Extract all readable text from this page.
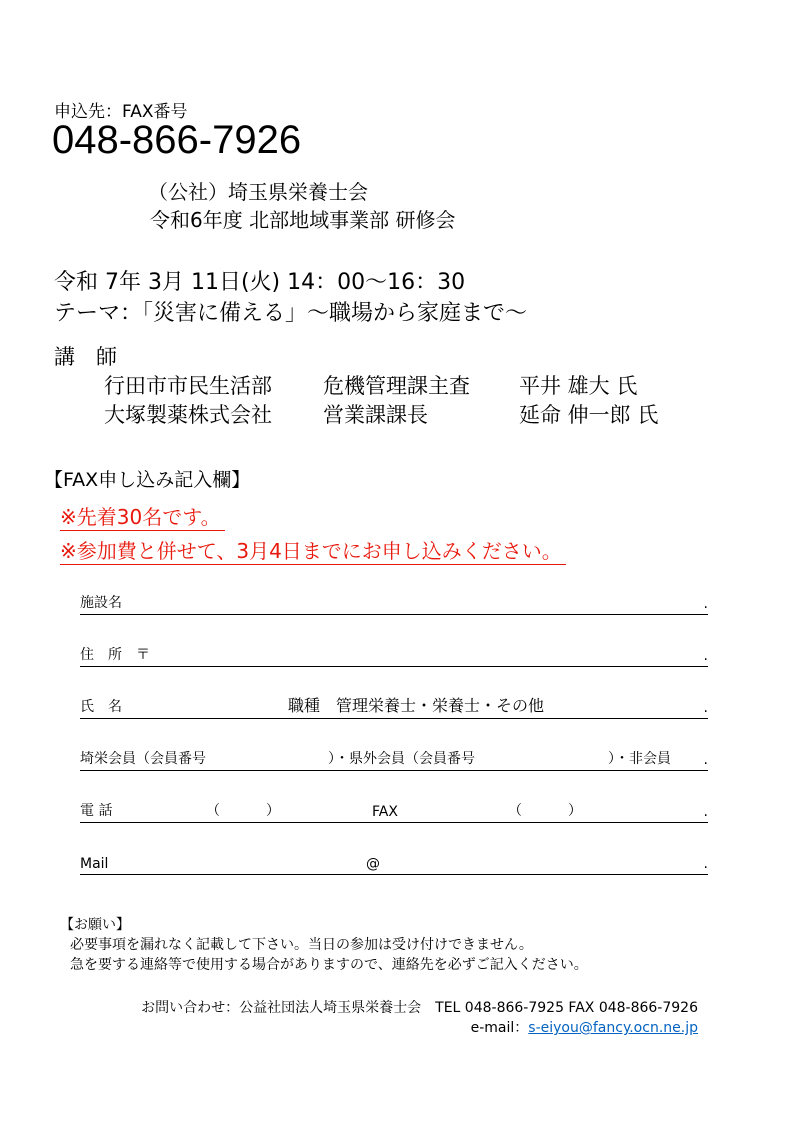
申込先：FAX番号
048-866-7926
（公社）埼玉県栄養士会
令和6年度 北部地域事業部 研修会
令和 7年 3月 11日(火) 14：00～16：30
テーマ：「災害に備える」～職場から家庭まで～
講　師
行田市市民生活部 危機管理課主査 平井 雄大 氏
大塚製薬株式会社 営業課課長	延命 伸一郎 氏
【FAX申し込み記入欄】
※先着30名です。
※参加費と併せて、3月4日までにお申し込みください。
施設名	.
住　所　〒	.
氏　名	職種　管理栄養士・栄養士・その他	.
埼栄会員（会員番号	）・県外会員（会員番号	）・非会員 .
電 話	（	）	FAX	（	）	.
Mail	@	.
【お願い】
必要事項を漏れなく記載して下さい。当日の参加は受け付けできません。
急を要する連絡等で使用する場合がありますので、連絡先を必ずご記入ください。
お問い合わせ：公益社団法人埼玉県栄養士会　TEL 048-866-7925 FAX 048-866-7926
e-mail：s-eiyou@fancy.ocn.ne.jp
